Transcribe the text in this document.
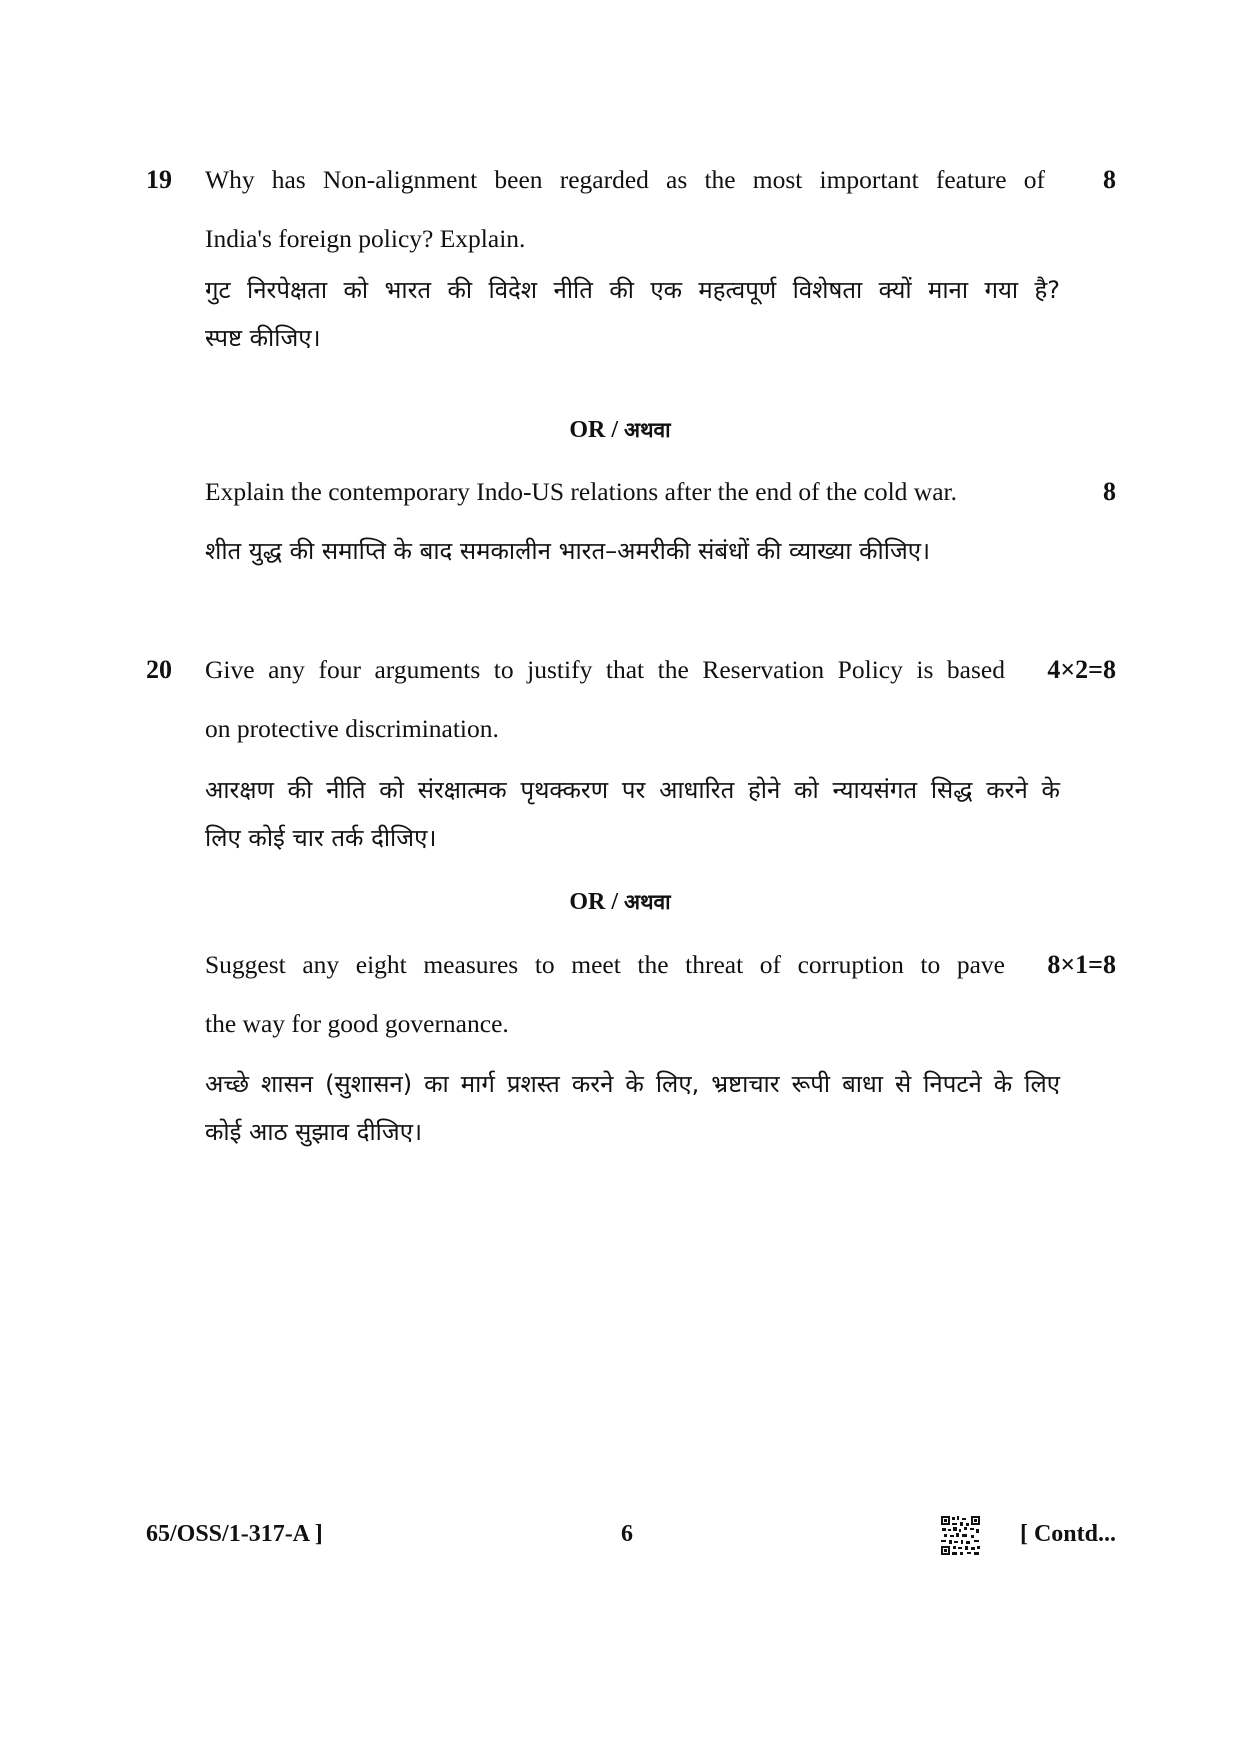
19	8
Why has Non-alignment been regarded as the most important feature of
India's foreign policy? Explain.
गुट निरपेक्षता को भारत की विदेश नीति की एक महत्वपूर्ण विशेषता क्यों माना गया है?
स्पष्ट कीजिए।
OR / अथवा
8
Explain the contemporary Indo-US relations after the end of the cold war.
शीत युद्ध की समाप्ति के बाद समकालीन भारत–अमरीकी संबंधों की व्याख्या कीजिए।
20	4×2=8
Give any four arguments to justify that the Reservation Policy is based
on protective discrimination.
आरक्षण की नीति को संरक्षात्मक पृथक्करण पर आधारित होने को न्यायसंगत सिद्ध करने के
लिए कोई चार तर्क दीजिए।
OR / अथवा
8×1=8
Suggest any eight measures to meet the threat of corruption to pave
the way for good governance.
अच्छे शासन (सुशासन) का मार्ग प्रशस्त करने के लिए, भ्रष्टाचार रूपी बाधा से निपटने के लिए
कोई आठ सुझाव दीजिए।
65/OSS/1-317-A ]	6	[ Contd...
